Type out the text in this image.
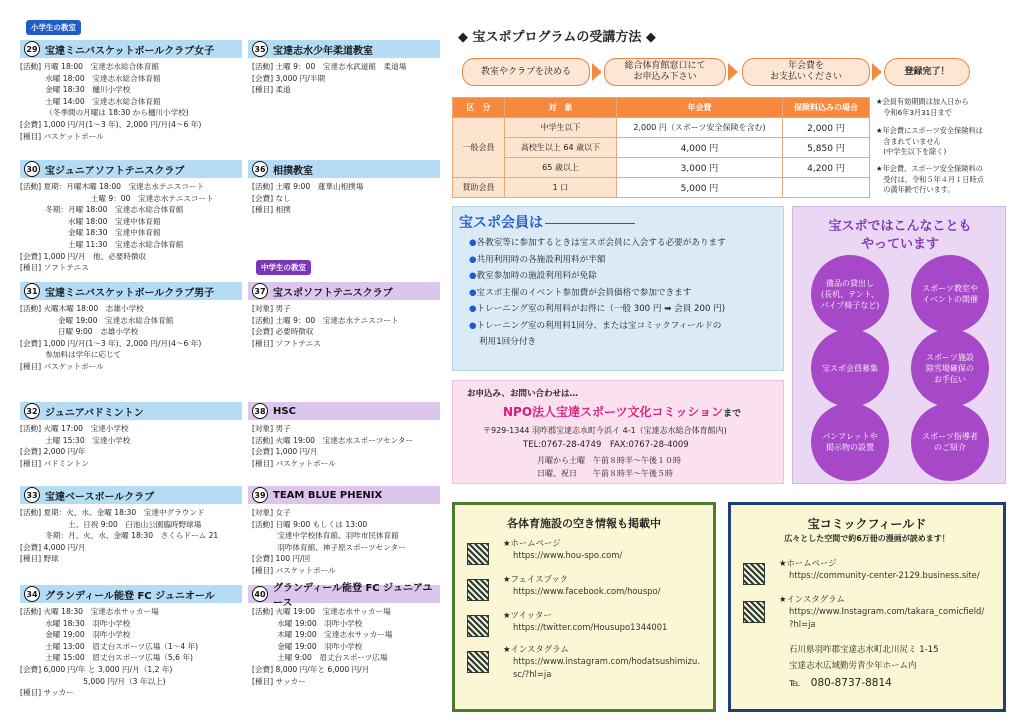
小学生の教室
29 宝達ミニバスケットボールクラブ女子
[活動] 月曜 18:00　宝達志水総合体育館
　　　 水曜 18:00　宝達志水総合体育館
　　　 金曜 18:30　樋川小学校
　　　 土曜 14:00　宝達志水総合体育館
　　　 （冬季間の月曜は 18:30 から樋川小学校)
[会費] 1,000 円/月(1～3 年)、2,000 円/月(4～6 年)
[種目] バスケットボール
30 宝ジュニアソフトテニスクラブ
[活動] 夏期：月曜木曜 18:00　宝達志水テニスコート
　　　　　　　　　 土曜 9：00　宝達志水テニスコート
　　　 冬期：月曜 18:00　宝達志水総合体育館
　　　　　　 水曜 18:00　宝達中体育館
　　　　　　 金曜 18:30　宝達中体育館
　　　　　　 土曜 11:30　宝達志水総合体育館
[会費] 1,000 円/月　他、必要時徴収
[種目] ソフトテニス
31 宝達ミニバスケットボールクラブ男子
[活動] 火曜木曜 18:00　志雄小学校
　　　　　金曜 19:00　宝達志水総合体育館
　　　　　日曜 9:00　志雄小学校
[会費] 1,000 円/月(1～3 年)、2,000 円/月(4～6 年)
　　　 参加料は学年に応じて
[種目] バスケットボール
32 ジュニアバドミントン
[活動] 火曜 17:00　宝達小学校
　　　 土曜 15:30　宝達小学校
[会費] 2,000 円/年
[種目] バドミントン
33 宝達ベースボールクラブ
[活動] 夏期：火、水、金曜 18:30　宝達中グラウンド
　　　　　　 土、日祝 9:00　臼池山公園臨時野球場
　　　 冬期：月、火、水、金曜 18:30　さくらドーム 21
[会費] 4,000 円/月
[種目] 野球
34 グランディール能登 FC ジュニオール
[活動] 火曜 18:30　宝達志水サッカー場
　　　 水曜 18:30　羽咋小学校
　　　 金曜 19:00　羽咋小学校
　　　 土曜 13:00　眉丈台スポーツ広場（1～4 年)
　　　 土曜 15:00　眉丈台スポーツ広場（5,6 年)
[会費] 6,000 円/年 と 3,000 円/月（1,2 年)
　　　　　　　　 5,000 円/月（3 年以上)
[種目] サッカー
35 宝達志水少年柔道教室
[活動] 土曜 9：00　宝達志水武道館　柔道場
[会費] 3,000 円/半期
[種目] 柔道
36 相撲教室
[活動] 土曜 9:00　蓮華山相撲場
[会費] なし
[種目] 相撲
中学生の教室
37 宝スポソフトテニスクラブ
[対象] 男子
[活動] 土曜 9：00　宝達志水テニスコート
[会費] 必要時徴収
[種目] ソフトテニス
38 HSC
[対象] 男子
[活動] 火曜 19:00　宝達志水スポーツセンター
[会費] 1,000 円/月
[種目] バスケットボール
39 TEAM BLUE PHENIX
[対象] 女子
[活動] 日曜 9:00 もしくは 13:00
　　　 宝達中学校体育館、羽咋市民体育館
　　　 羽咋体育館、神子原スポーツセンター
[会費] 100 円/回
[種目] バスケットボール
40 グランディール能登 FC ジュニアユース
[活動] 火曜 19:00　宝達志水サッカー場
　　　 水曜 19:00　羽咋小学校
　　　 木曜 19:00　宝達志水サッカー場
　　　 金曜 19:00　羽咋小学校
　　　 土曜 9:00　眉丈台スポーツ広場
[会費] 8,000 円/年と 6,000 円/月
[種目] サッカー
◆ 宝スポプログラムの受講方法 ◆
教室やクラブを決める
総合体育館窓口にて
お申込み下さい
年会費を
お支払いください
登録完了！
区　分	対　象	年会費	保険料込みの場合
一般会員	中学生以下	2,000 円（スポーツ安全保険を含む)	2,000 円
	高校生以上 64 歳以下	4,000 円	5,850 円
	65 歳以上	3,000 円	4,200 円
賛助会員	1 口	5,000 円	
★会員有効期間は加入日から
　令和6年3月31日まで
★年会費にスポーツ安全保険料は
　含まれていません
　(中学生以下を除く)
★年会費、スポーツ安全保険料の
　受付は、令和５年４月１日時点
　の満年齢で行います。
宝スポ会員は
●各教室等に参加するときは宝スポ会員に入会する必要があります
●共用利用時の各施設利用料が半額
●教室参加時の施設利用料が免除
●宝スポ主催のイベント参加費が会員価格で参加できます
●トレーニング室の利用料がお得に（一般 300 円 ➡ 会員 200 円)
●トレーニング室の利用料1回分、または宝コミックフィールドの
利用1回分付き
宝スポではこんなことも
やっています
備品の貸出し
(長机、テント、
パイプ椅子など)
スポーツ教室や
イベントの開催
宝スポ会員募集
スポーツ施設
除雪場確保の
お手伝い
パンフレットや
掲示物の設置
スポーツ指導者
のご紹介
お申込み、お問い合わせは…
NPO法人宝達スポーツ文化コミッションまで
〒929-1344 羽咋郡宝達志水町今浜イ 4-1（宝達志水総合体育館内)
TEL:0767-28-4749　FAX:0767-28-4009
月曜から土曜　午前８時半～午後１０時
日曜、祝日　　午前８時半～午後５時
各体育施設の空き情報も掲載中
★ホームページ
https://www.hou-spo.com/
★フェイスブック
https://www.facebook.com/houspo/
★ツイッター
https://twitter.com/Housupo1344001
★インスタグラム
https://www.instagram.com/hodatsushimizu.
sc/?hl=ja
宝コミックフィールド
広々とした空間で約6万冊の漫画が読めます！
★ホームページ
https://community-center-2129.business.site/
★インスタグラム
https://www.Instagram.com/takara_comicfield/
?hl=ja
石川県羽咋郡宝達志水町北川尻ミ 1-15
宝達志水広域勤労青少年ホーム内
℡　080-8737-8814
